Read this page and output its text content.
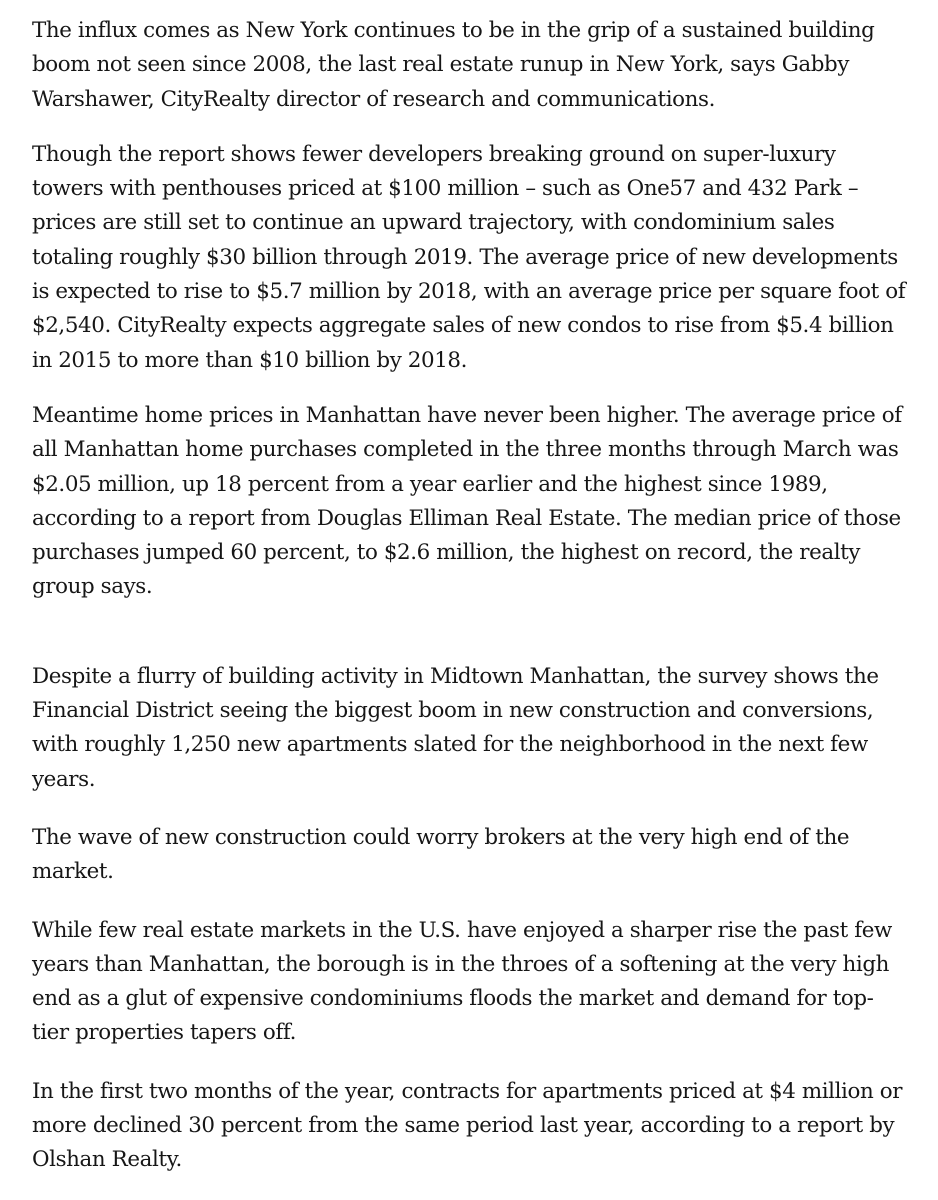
The influx comes as New York continues to be in the grip of a sustained building boom not seen since 2008, the last real estate runup in New York, says Gabby Warshawer, CityRealty director of research and communications.

Though the report shows fewer developers breaking ground on super-luxury towers with penthouses priced at $100 million – such as One57 and 432 Park – prices are still set to continue an upward trajectory, with condominium sales totaling roughly $30 billion through 2019. The average price of new developments is expected to rise to $5.7 million by 2018, with an average price per square foot of $2,540. CityRealty expects aggregate sales of new condos to rise from $5.4 billion in 2015 to more than $10 billion by 2018.

Meantime home prices in Manhattan have never been higher. The average price of all Manhattan home purchases completed in the three months through March was $2.05 million, up 18 percent from a year earlier and the highest since 1989, according to a report from Douglas Elliman Real Estate. The median price of those purchases jumped 60 percent, to $2.6 million, the highest on record, the realty group says.

Despite a flurry of building activity in Midtown Manhattan, the survey shows the Financial District seeing the biggest boom in new construction and conversions, with roughly 1,250 new apartments slated for the neighborhood in the next few years.

The wave of new construction could worry brokers at the very high end of the market.

While few real estate markets in the U.S. have enjoyed a sharper rise the past few years than Manhattan, the borough is in the throes of a softening at the very high end as a glut of expensive condominiums floods the market and demand for top-tier properties tapers off.

In the first two months of the year, contracts for apartments priced at $4 million or more declined 30 percent from the same period last year, according to a report by Olshan Realty.
